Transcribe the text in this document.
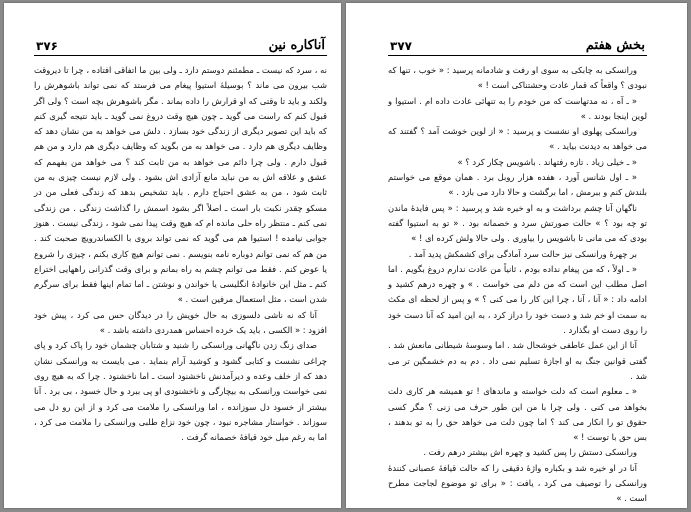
آناکاره نین
۳۷۶

نه ، سرد که نیست ـ مطمئنم دوستم دارد ـ ولی بین ما اتفاقی افتاده ، چرا تا دیروقت شب بیرون می ماند ؟ بوسیلهٔ استیوا پیغام می فرستد که نمی تواند باشوهرش را ولکند و باید تا وقتی که او قرارش را داده بماند . مگر باشوهرش بچه است ؟ ولی اگر قبول کنم که راست می گوید ـ چون هیچ وقت دروغ نمی گوید ـ باید نتیجه گیری کنم که باید این تصویر دیگری از زندگی خود بسازد . دلش می خواهد به من نشان دهد که وظایف دیگری هم دارد . می خواهد به من بگوید که وظایف دیگری هم دارد و من هم قبول دارم . ولی چرا دائم می خواهد به من ثابت کند ؟ می خواهد من بفهمم که عشق و علاقه اش به من نباید مانع آزادی اش بشود . ولی لازم نیست چیزی به من ثابت شود ، من به عشق احتیاج دارم . باید تشخیص بدهد که زندگی فعلی من در مسکو چقدر نکبت بار است ـ اصلاً اگر بشود اسمش را گذاشت زندگی . من زندگی نمی کنم ـ منتظر راه حلی مانده ام که هیچ وقت پیدا نمی شود ، زندگی نیست . هنوز جوابی نیامده ! استیوا هم می گوید که نمی تواند بروی با الکساندرویچ صحبت کند . من هم که نمی توانم دوباره نامه بنویسم . نمی توانم هیچ کاری بکنم ، چیزی را شروع یا عوض کنم . فقط می توانم چشم به راه بمانم و برای وقت گذرانی راههایی اختراع کنم ـ مثل این خانوادهٔ انگلیسی یا خواندن و نوشتن ـ اما تمام اینها فقط برای سرگرم شدن است ، مثل استعمال مرفین است . »

آنا که نه ناشی دلسوزی به حال خویش را در دیدگان حس می کرد ، پیش خود افزود : « الکسی ، باید یک خرده احساس همدردی داشته باشد . »

صدای زنگ زدن ناگهانی ورانسکی را شنید و شتابان چشمان خود را پاک کرد و پای چراغی نشست و کتابی گشود و کوشید آرام بنماید . می بایست به ورانسکی نشان دهد که از خلف وعده و دیرآمدنش ناخشنود است ـ اما ناخشنود . چرا که به هیچ روی نمی خواست ورانسکی به بیچارگی و ناخشنودی او پی ببرد و حال خسود ، بی برد . آنا بیشتر از خسود دل سوزانده ، اما ورانسکی را ملامت می کرد و از این رو دل می سوزاند . خواستار مشاجره نبود ، چون خود نزاع طلبی ورانسکی را ملامت می کرد ، اما به رغم میل خود قیافهٔ خصمانه گرفت .

بخش هفتم
۳۷۷

ورانسکی به چابکی به سوی او رفت و شادمانه پرسید : « خوب ، تنها که نبودی ؟ واقعاً که قمار عادت وحشتناکی است ! »

« ـ آه ، نه مدتهاست که من خودم را به تنهائی عادت داده ام . استیوا و لوین اینجا بودند . »

ورانسکی پهلوی او نشست و پرسید : « از لوین خوشت آمد ؟ گفتند که می خواهد به دیدنت بیاید . »

« ـ خیلی زیاد . تازه رفتهاند . باشویس چکار کرد ؟ »

« ـ اول شانس آورد ، هفده هزار روبل برد . همان موقع می خواستم بلندش کنم و ببرمش ، اما برگشت و حالا دارد می بازد . »

ناگهان آنا چشم برداشت و به او خیره شد و پرسید : « پس فایدهٔ ماندن تو چه بود ؟ » حالت صورتش سرد و خصمانه بود . « تو به استیوا گفته بودی که می مانی تا باشویس را بیاوری . ولی حالا ولش کرده ای ! »

بر چهرهٔ ورانسکی نیز حالت سرد آمادگی برای کشمکش پدید آمد .

« ـ اولاً ، که من پیغام نداده بودم ، ثانیاً من عادت ندارم دروغ بگویم . اما اصل مطلب این است که من دلم می خواست . » و چهره درهم کشید و ادامه داد : « آنا ، آنا ، چرا این کار را می کنی ؟ » و پس از لحظه ای مکث به سمت او خم شد و دست خود را دراز کرد ، به این امید که آنا دست خود را روی دست او بگذارد .

آنا از این عمل عاطفی خوشحال شد . اما وسوسهٔ شیطانی مانعش شد . گفتی قوانین جنگ به او اجازهٔ تسلیم نمی داد . دم به دم خشمگین تر می شد .

« ـ معلوم است که دلت خواسته و ماندهای ! تو همیشه هر کاری دلت بخواهد می کنی . ولی چرا با من این طور حرف می زنی ؟ مگر کسی حقوق تو را انکار می کند ؟ اما چون دلت می خواهد حق را به تو بدهند ، بس حق با توست ! »

ورانسکی دستش را پس کشید و چهره اش بیشتر درهم رفت .

آنا در او خیره شد و بکباره واژهٔ دقیقی را که حالت قیافهٔ عصبانی کنندهٔ ورانسکی را توصیف می کرد ، یافت : « برای تو موضوع لجاجت مطرح است . »
